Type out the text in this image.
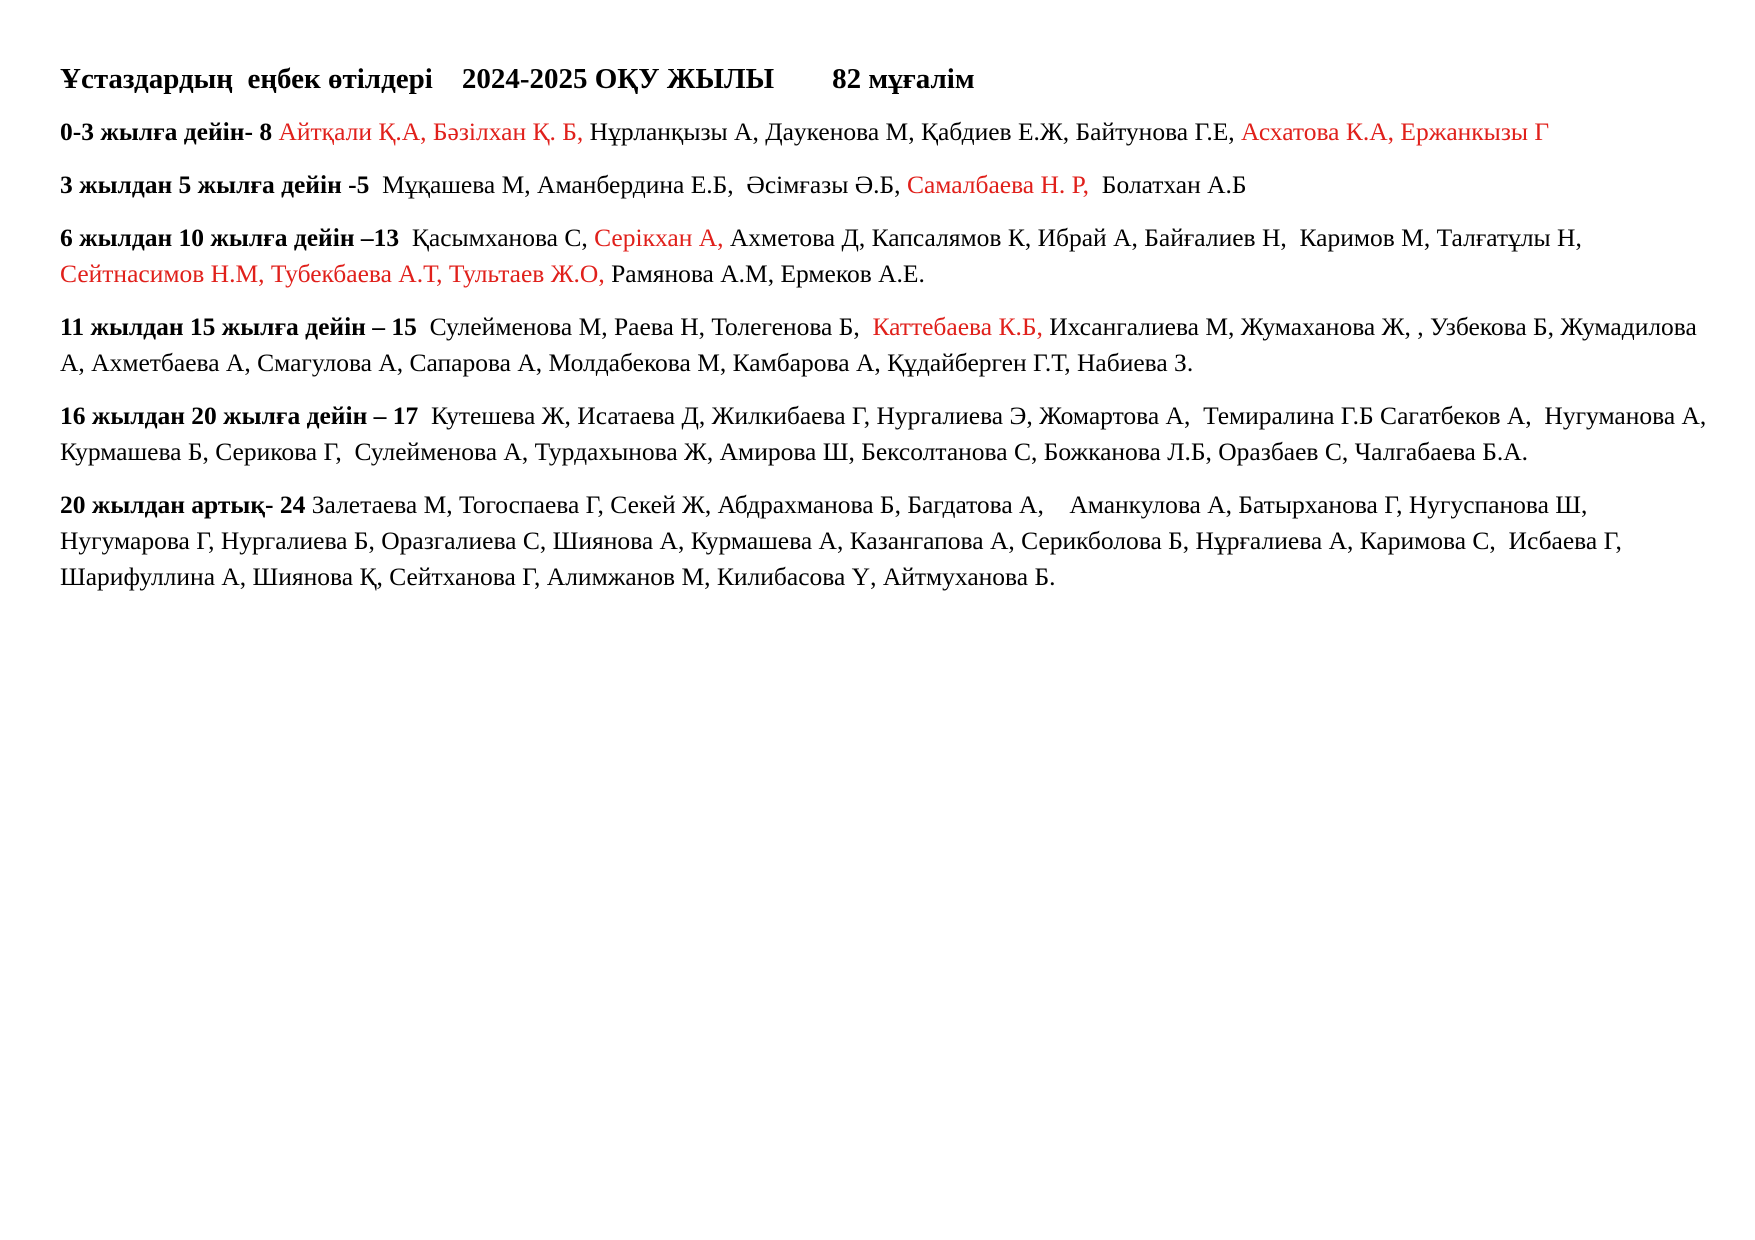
Ұстаздардың  еңбек өтілдері 2024-2025 ОҚУ ЖЫЛЫ 82 мұғалім
0-3 жылға дейін- 8 Айтқали Қ.А, Бәзілхан Қ. Б, Нұрланқызы А, Дaукенова М, Қабдиев Е.Ж, Байтунова Г.Е, Асхатова К.А, Ержанкызы Г
3 жылдан 5 жылға дейін -5  Мұқашева М, Аманбердина Е.Б,  Әсімғазы Ә.Б, Самалбаева Н. Р,  Болатхан А.Б
6 жылдан 10 жылға дейін –13  Қасымханова С, Серікхан А, Ахметова Д, Капсалямов К, Ибрай А, Байғалиев Н,  Каримов М, Талғатұлы Н, Сейтнасимов Н.М, Тубекбаева А.Т, Тультаев Ж.О, Рамянова А.М, Ермеков А.Е.
11 жылдан 15 жылға дейін – 15  Сулейменова М, Раева Н, Толегенова Б,  Каттебаева К.Б, Ихсангалиева М, Жумаханова Ж, , Узбекова Б, Жумадилова А, Ахметбаева А, Смагулова А, Сапарова А, Молдабекова М, Камбарова А, Құдайберген Г.Т, Набиева З.
16 жылдан 20 жылға дейін – 17  Кутешева Ж, Исатаева Д, Жилкибаева Г, Нургалиева Э, Жомартова А,  Темиралина Г.Б Сагатбеков А,  Нугуманова А, Курмашева Б, Серикова Г,  Сулейменова А, Турдахынова Ж, Амирова Ш, Бексолтанова С, Божканова Л.Б, Оразбаев С, Чалгабаева Б.А.
20 жылдан артық- 24 Залетаева М, Тогоспаева Г, Секей Ж, Абдрахманова Б, Багдатова А,    Аманкулова А, Батырханова Г, Нугуспанова Ш, Нугумарова Г, Нургалиева Б, Оразгалиева С, Шиянова А, Курмашева А, Казангапова А, Серикболова Б, Нұрғалиева А, Каримова С,  Исбаева Г, Шарифуллина А, Шиянова Қ, Сейтханова Г, Алимжанов М, Килибасова Ү, Айтмуханова Б.
